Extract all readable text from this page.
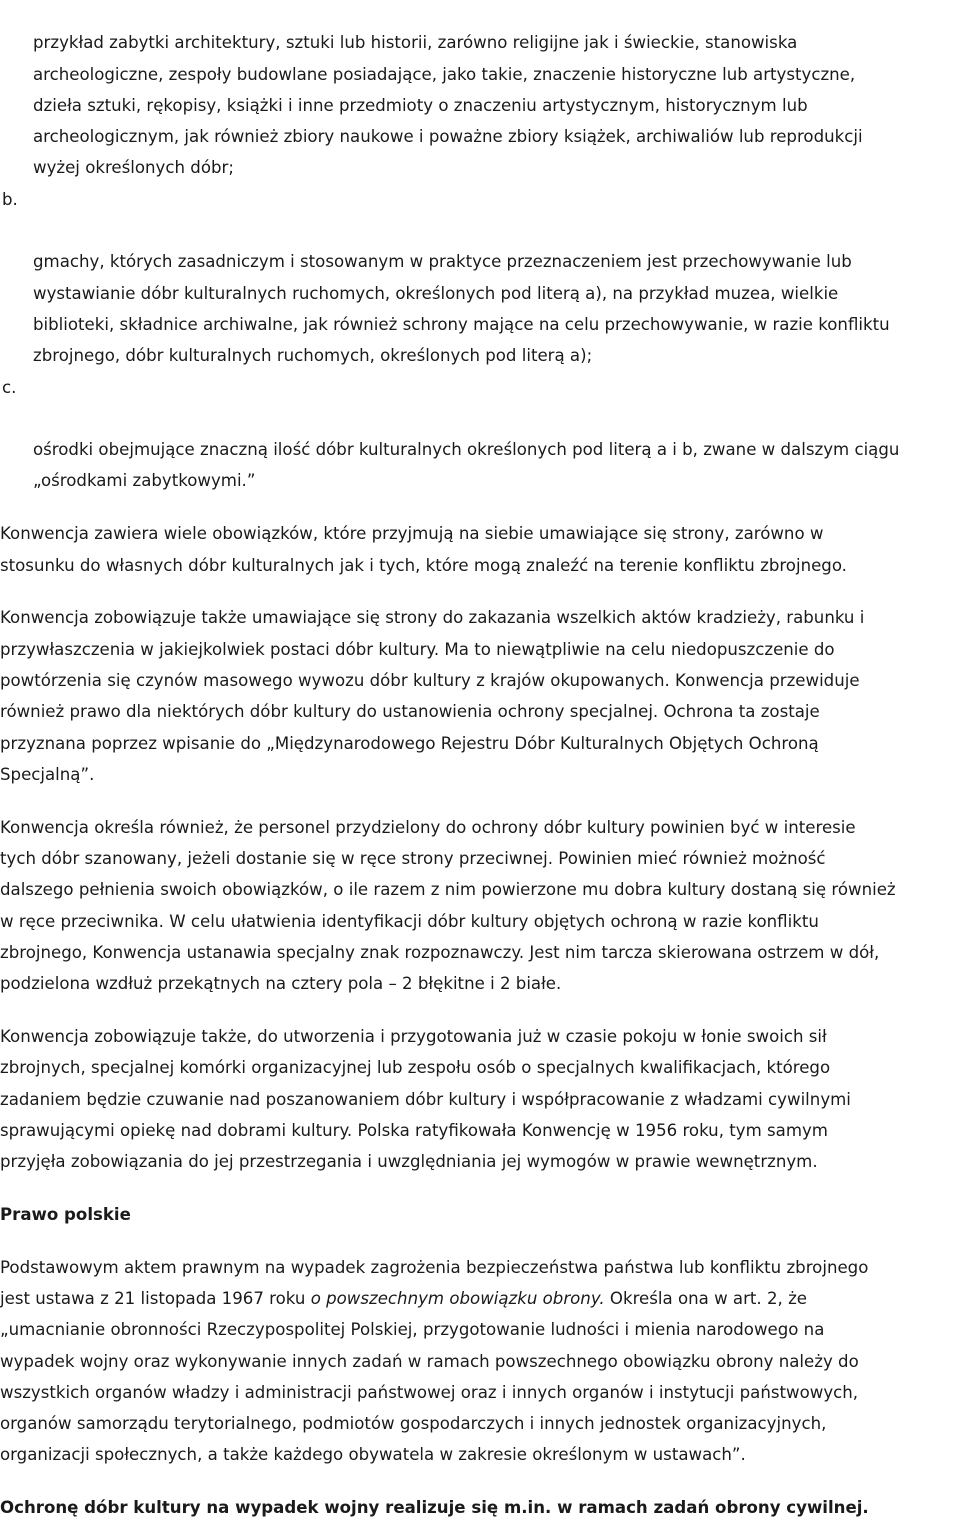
przykład zabytki architektury, sztuki lub historii, zarówno religijne jak i świeckie, stanowiska
archeologiczne, zespoły budowlane posiadające, jako takie, znaczenie historyczne lub artystyczne,
dzieła sztuki, rękopisy, książki i inne przedmioty o znaczeniu artystycznym, historycznym lub
archeologicznym, jak również zbiory naukowe i poważne zbiory książek, archiwaliów lub reprodukcji
wyżej określonych dóbr;

b.

gmachy, których zasadniczym i stosowanym w praktyce przeznaczeniem jest przechowywanie lub
wystawianie dóbr kulturalnych ruchomych, określonych pod literą a), na przykład muzea, wielkie
biblioteki, składnice archiwalne, jak również schrony mające na celu przechowywanie, w razie konfliktu
zbrojnego, dóbr kulturalnych ruchomych, określonych pod literą a);

c.

ośrodki obejmujące znaczną ilość dóbr kulturalnych określonych pod literą a i b, zwane w dalszym ciągu
„ośrodkami zabytkowymi.”

Konwencja zawiera wiele obowiązków, które przyjmują na siebie umawiające się strony, zarówno w
stosunku do własnych dóbr kulturalnych jak i tych, które mogą znaleźć na terenie konfliktu zbrojnego.

Konwencja zobowiązuje także umawiające się strony do zakazania wszelkich aktów kradzieży, rabunku i
przywłaszczenia w jakiejkolwiek postaci dóbr kultury. Ma to niewątpliwie na celu niedopuszczenie do
powtórzenia się czynów masowego wywozu dóbr kultury z krajów okupowanych. Konwencja przewiduje
również prawo dla niektórych dóbr kultury do ustanowienia ochrony specjalnej. Ochrona ta zostaje
przyznana poprzez wpisanie do „Międzynarodowego Rejestru Dóbr Kulturalnych Objętych Ochroną
Specjalną”.

Konwencja określa również, że personel przydzielony do ochrony dóbr kultury powinien być w interesie
tych dóbr szanowany, jeżeli dostanie się w ręce strony przeciwnej. Powinien mieć również możność
dalszego pełnienia swoich obowiązków, o ile razem z nim powierzone mu dobra kultury dostaną się również
w ręce przeciwnika. W celu ułatwienia identyfikacji dóbr kultury objętych ochroną w razie konfliktu
zbrojnego, Konwencja ustanawia specjalny znak rozpoznawczy. Jest nim tarcza skierowana ostrzem w dół,
podzielona wzdłuż przekątnych na cztery pola – 2 błękitne i 2 białe.

Konwencja zobowiązuje także, do utworzenia i przygotowania już w czasie pokoju w łonie swoich sił
zbrojnych, specjalnej komórki organizacyjnej lub zespołu osób o specjalnych kwalifikacjach, którego
zadaniem będzie czuwanie nad poszanowaniem dóbr kultury i współpracowanie z władzami cywilnymi
sprawującymi opiekę nad dobrami kultury. Polska ratyfikowała Konwencję w 1956 roku, tym samym
przyjęła zobowiązania do jej przestrzegania i uwzględniania jej wymogów w prawie wewnętrznym.

Prawo polskie

Podstawowym aktem prawnym na wypadek zagrożenia bezpieczeństwa państwa lub konfliktu zbrojnego
jest ustawa z 21 listopada 1967 roku o powszechnym obowiązku obrony. Określa ona w art. 2, że
„umacnianie obronności Rzeczypospolitej Polskiej, przygotowanie ludności i mienia narodowego na
wypadek wojny oraz wykonywanie innych zadań w ramach powszechnego obowiązku obrony należy do
wszystkich organów władzy i administracji państwowej oraz i innych organów i instytucji państwowych,
organów samorządu terytorialnego, podmiotów gospodarczych i innych jednostek organizacyjnych,
organizacji społecznych, a także każdego obywatela w zakresie określonym w ustawach”.

Ochronę dóbr kultury na wypadek wojny realizuje się m.in. w ramach zadań obrony cywilnej.
